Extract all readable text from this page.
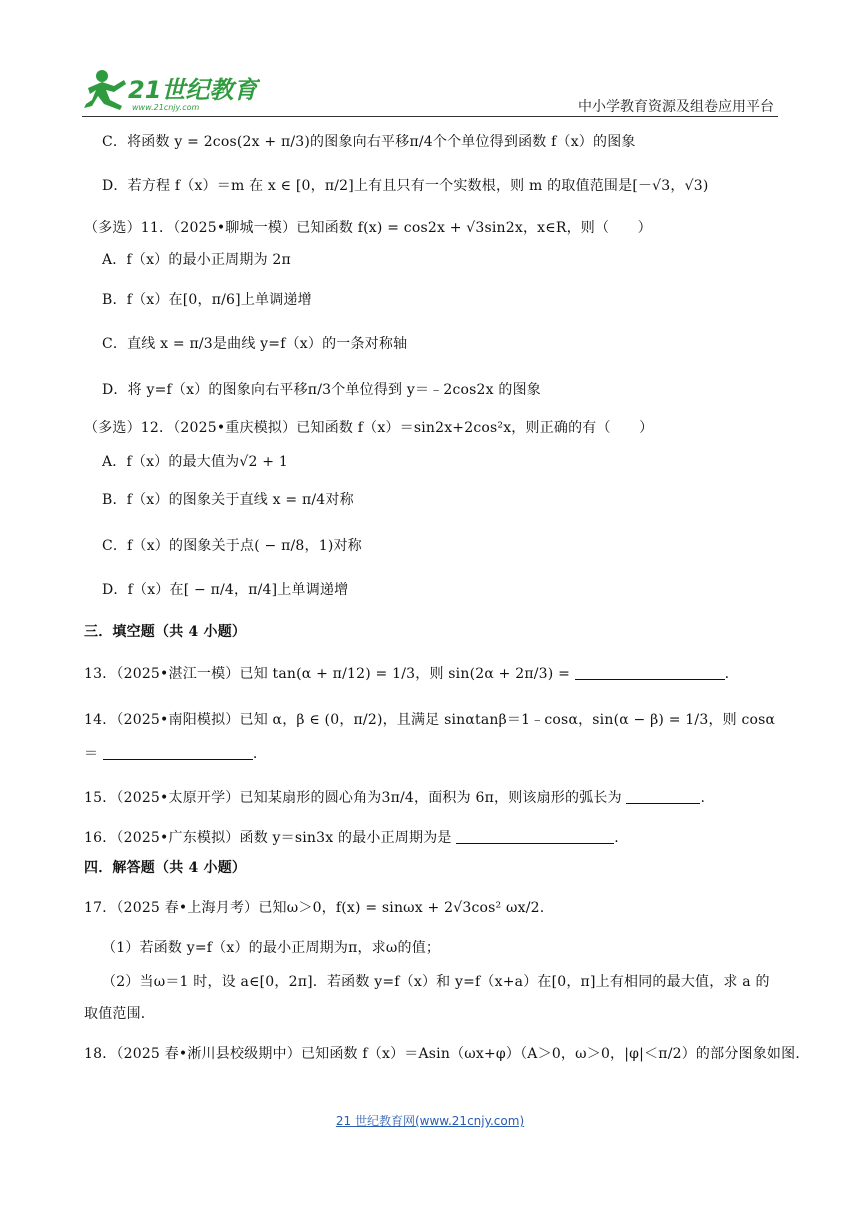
21世纪教育
www.21cnjy.com	中小学教育资源及组卷应用平台
C．将函数 y = 2cos(2x + π/3)的图象向右平移π/4个个单位得到函数 f（x）的图象
D．若方程 f（x）＝m 在 x ∈ [0，π/2]上有且只有一个实数根，则 m 的取值范围是[－√3，√3)
（多选）11．（2025•聊城一模）已知函数 f(x) = cos2x + √3sin2x，x∈R，则（　　）
A．f（x）的最小正周期为 2π
B．f（x）在[0，π/6]上单调递增
C．直线 x = π/3是曲线 y=f（x）的一条对称轴
D．将 y=f（x）的图象向右平移π/3个单位得到 y＝﹣2cos2x 的图象
（多选）12．（2025•重庆模拟）已知函数 f（x）＝sin2x+2cos²x，则正确的有（　　）
A．f（x）的最大值为√2 + 1
B．f（x）的图象关于直线 x = π/4对称
C．f（x）的图象关于点( − π/8，1)对称
D．f（x）在[ − π/4，π/4]上单调递增
三．填空题（共 4 小题）
13．（2025•湛江一模）已知 tan(α + π/12) = 1/3，则 sin(2α + 2π/3) =	.
14．（2025•南阳模拟）已知 α，β ∈ (0，π/2)，且满足 sinαtanβ＝1﹣cosα，sin(α − β) = 1/3，则 cosα
＝	.
15．（2025•太原开学）已知某扇形的圆心角为3π/4，面积为 6π，则该扇形的弧长为	.
16．（2025•广东模拟）函数 y＝sin3x 的最小正周期为是	.
四．解答题（共 4 小题）
17．（2025 春•上海月考）已知ω＞0，f(x) = sinωx + 2√3cos² ωx/2.
（1）若函数 y=f（x）的最小正周期为π，求ω的值；
（2）当ω＝1 时，设 a∈[0，2π]．若函数 y=f（x）和 y=f（x+a）在[0，π]上有相同的最大值，求 a 的
取值范围．
18．（2025 春•淅川县校级期中）已知函数 f（x）＝Asin（ωx+φ）（A＞0，ω＞0，|φ|＜π/2）的部分图象如图．
21 世纪教育网(www.21cnjy.com)
